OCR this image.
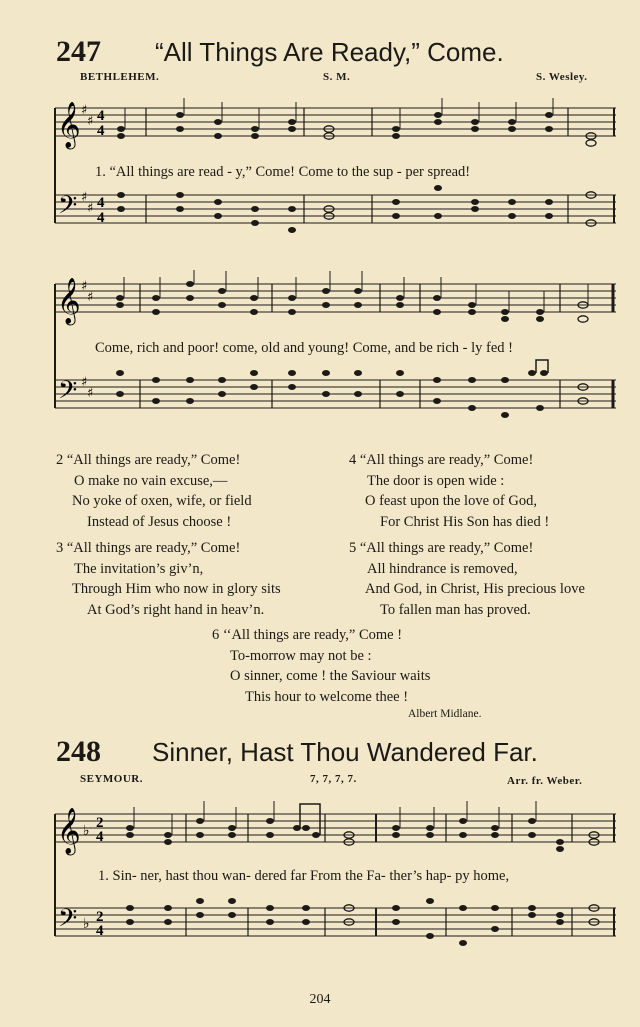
247 “All Things Are Ready,” Come.
BETHLEHEM.	S. M.	S. Wesley.
𝄞
𝄢
♯
♯
♯
♯
4
4
4
4
1. “All things are read - y,” Come! Come to the sup - per spread!
𝄞
𝄢
♯
♯
♯
♯
Come, rich and poor! come, old and young! Come, and be rich - ly fed !
2 “All things are ready,” Come!
O make no vain excuse,—
No yoke of oxen, wife, or field
Instead of Jesus choose !
3 “All things are ready,” Come!
The invitation’s giv’n,
Through Him who now in glory sits
At God’s right hand in heav’n.
4 “All things are ready,” Come!
The door is open wide :
O feast upon the love of God,
For Christ His Son has died !
5 “All things are ready,” Come!
All hindrance is removed,
And God, in Christ, His precious love
To fallen man has proved.
6 ‘‘All things are ready,” Come !
To-morrow may not be :
O sinner, come ! the Saviour waits
This hour to welcome thee !
Albert Midlane.
248 Sinner, Hast Thou Wandered Far.
SEYMOUR.	7, 7, 7, 7.	Arr. fr. Weber.
𝄞
𝄢
♭
♭
2
4
2
4
1. Sin- ner, hast thou wan- dered far From the Fa- ther’s hap- py home,
204
